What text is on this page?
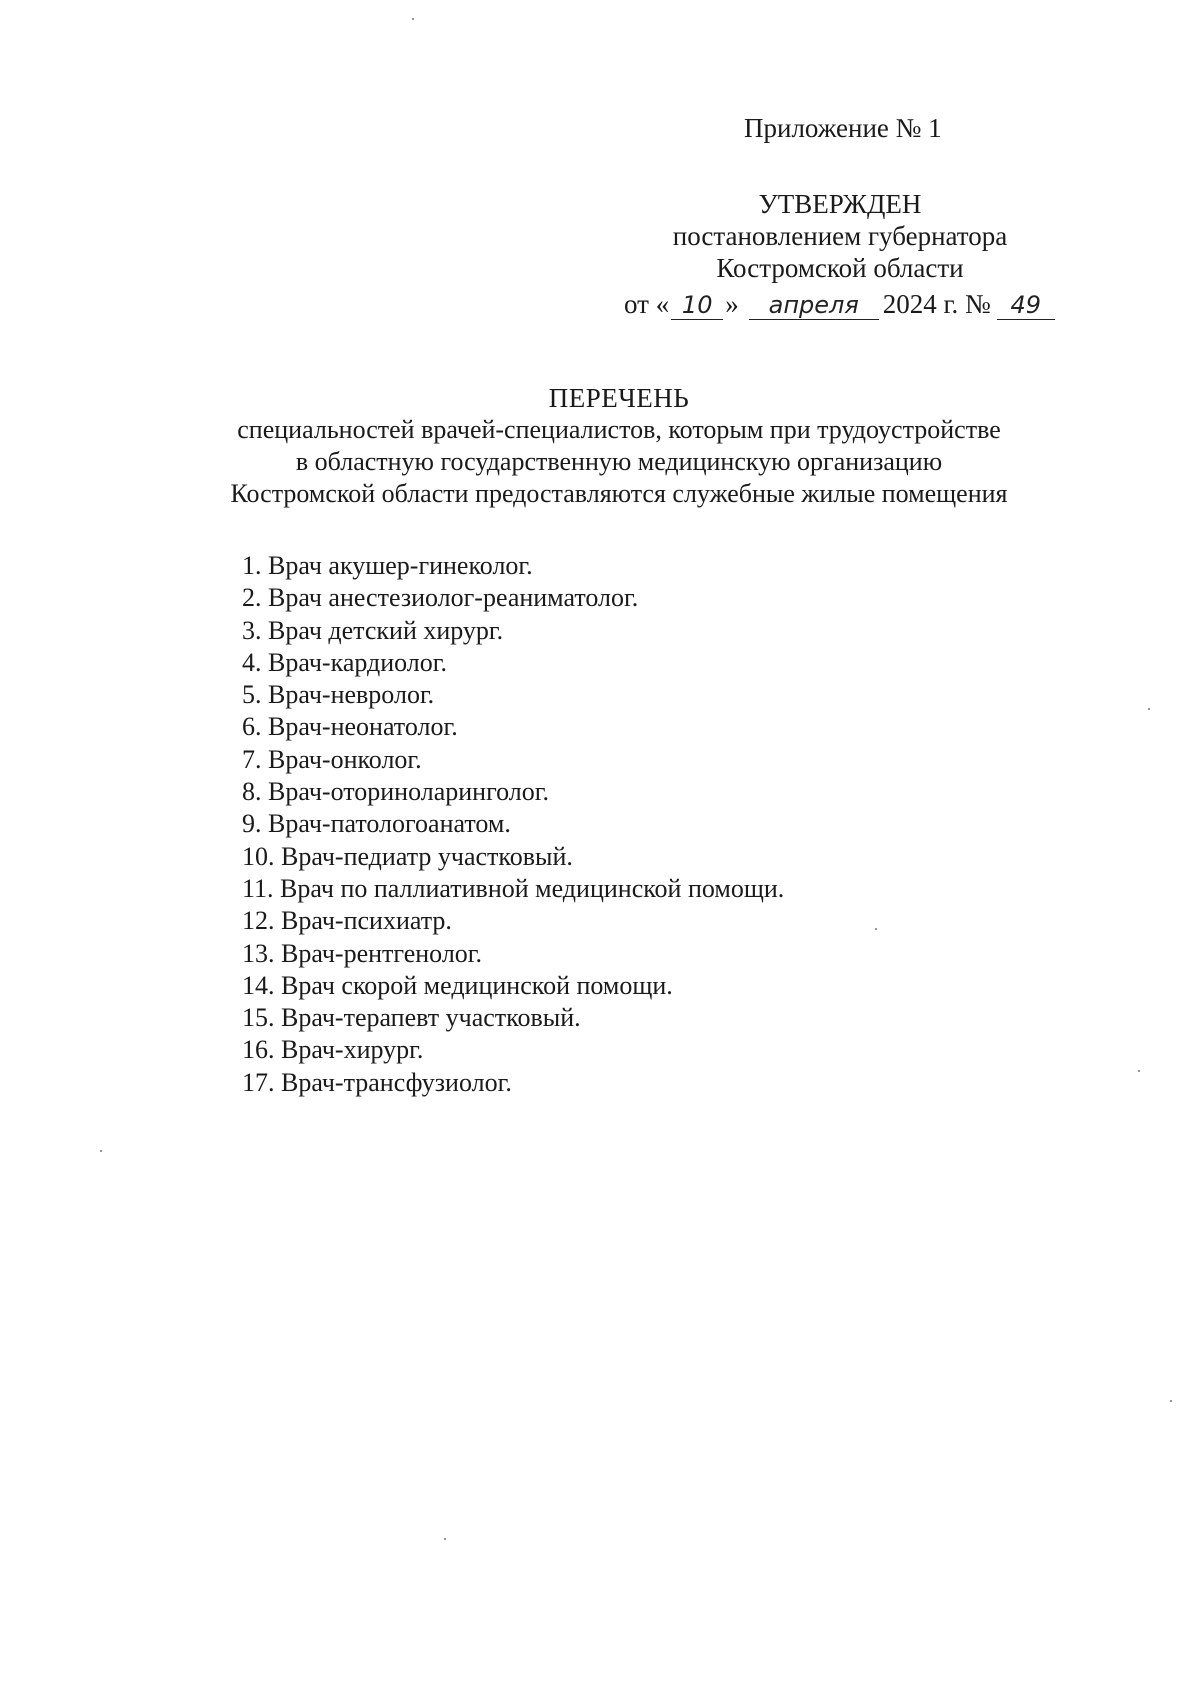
Приложение № 1
УТВЕРЖДЕН
постановлением губернатора
Костромской области
от « 10 » апреля 2024 г. № 49
ПЕРЕЧЕНЬ
специальностей врачей-специалистов, которым при трудоустройстве
в областную государственную медицинскую организацию
Костромской области предоставляются служебные жилые помещения
1. Врач акушер-гинеколог.
2. Врач анестезиолог-реаниматолог.
3. Врач детский хирург.
4. Врач-кардиолог.
5. Врач-невролог.
6. Врач-неонатолог.
7. Врач-онколог.
8. Врач-оториноларинголог.
9. Врач-патологоанатом.
10. Врач-педиатр участковый.
11. Врач по паллиативной медицинской помощи.
12. Врач-психиатр.
13. Врач-рентгенолог.
14. Врач скорой медицинской помощи.
15. Врач-терапевт участковый.
16. Врач-хирург.
17. Врач-трансфузиолог.
